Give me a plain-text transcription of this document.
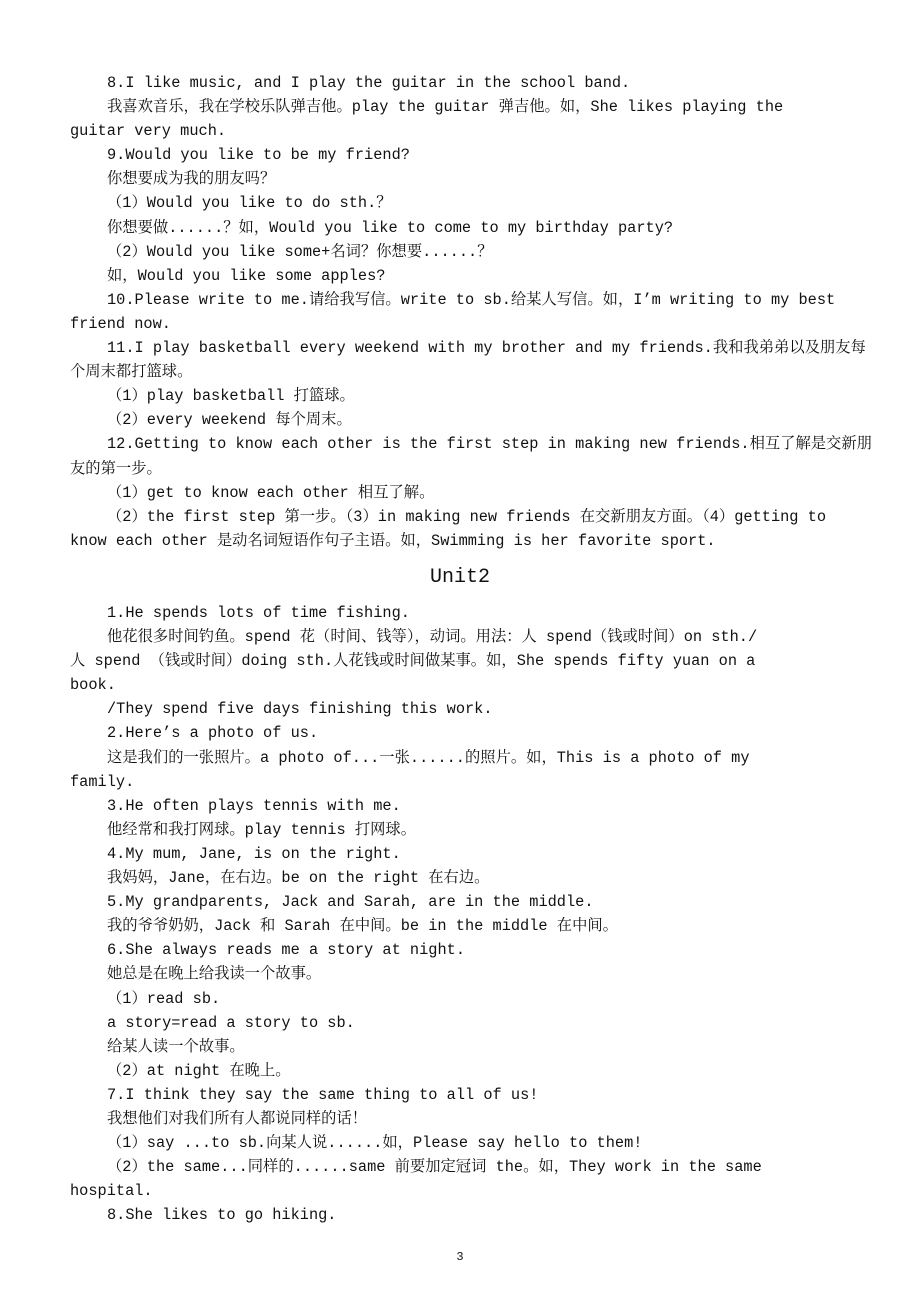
8.I like music, and I play the guitar in the school band.
我喜欢音乐，我在学校乐队弹吉他。play the guitar 弹吉他。如，She likes playing the
guitar very much.
9.Would you like to be my friend?
你想要成为我的朋友吗？
（1）Would you like to do sth.？
你想要做......？如，Would you like to come to my birthday party?
（2）Would you like some+名词？你想要......？
如，Would you like some apples?
10.Please write to me.请给我写信。write to sb.给某人写信。如，I’m writing to my best
friend now.
11.I play basketball every weekend with my brother and my friends.我和我弟弟以及朋友每
个周末都打篮球。
（1）play basketball 打篮球。
（2）every weekend 每个周末。
12.Getting to know each other is the first step in making new friends.相互了解是交新朋
友的第一步。
（1）get to know each other 相互了解。
（2）the first step 第一步。（3）in making new friends 在交新朋友方面。（4）getting to
know each other 是动名词短语作句子主语。如，Swimming is her favorite sport.
Unit2
1.He spends lots of time fishing.
他花很多时间钓鱼。spend 花（时间、钱等），动词。用法：人 spend（钱或时间）on sth./
人 spend （钱或时间）doing sth.人花钱或时间做某事。如，She spends fifty yuan on a
book.
/They spend five days finishing this work.
2.Here’s a photo of us.
这是我们的一张照片。a photo of...一张......的照片。如，This is a photo of my
family.
3.He often plays tennis with me.
他经常和我打网球。play tennis 打网球。
4.My mum, Jane, is on the right.
我妈妈，Jane，在右边。be on the right 在右边。
5.My grandparents, Jack and Sarah, are in the middle.
我的爷爷奶奶，Jack 和 Sarah 在中间。be in the middle 在中间。
6.She always reads me a story at night.
她总是在晚上给我读一个故事。
（1）read sb.
a story=read a story to sb.
给某人读一个故事。
（2）at night 在晚上。
7.I think they say the same thing to all of us!
我想他们对我们所有人都说同样的话！
（1）say ...to sb.向某人说......如，Please say hello to them!
（2）the same...同样的......same 前要加定冠词 the。如，They work in the same
hospital.
8.She likes to go hiking.
3
